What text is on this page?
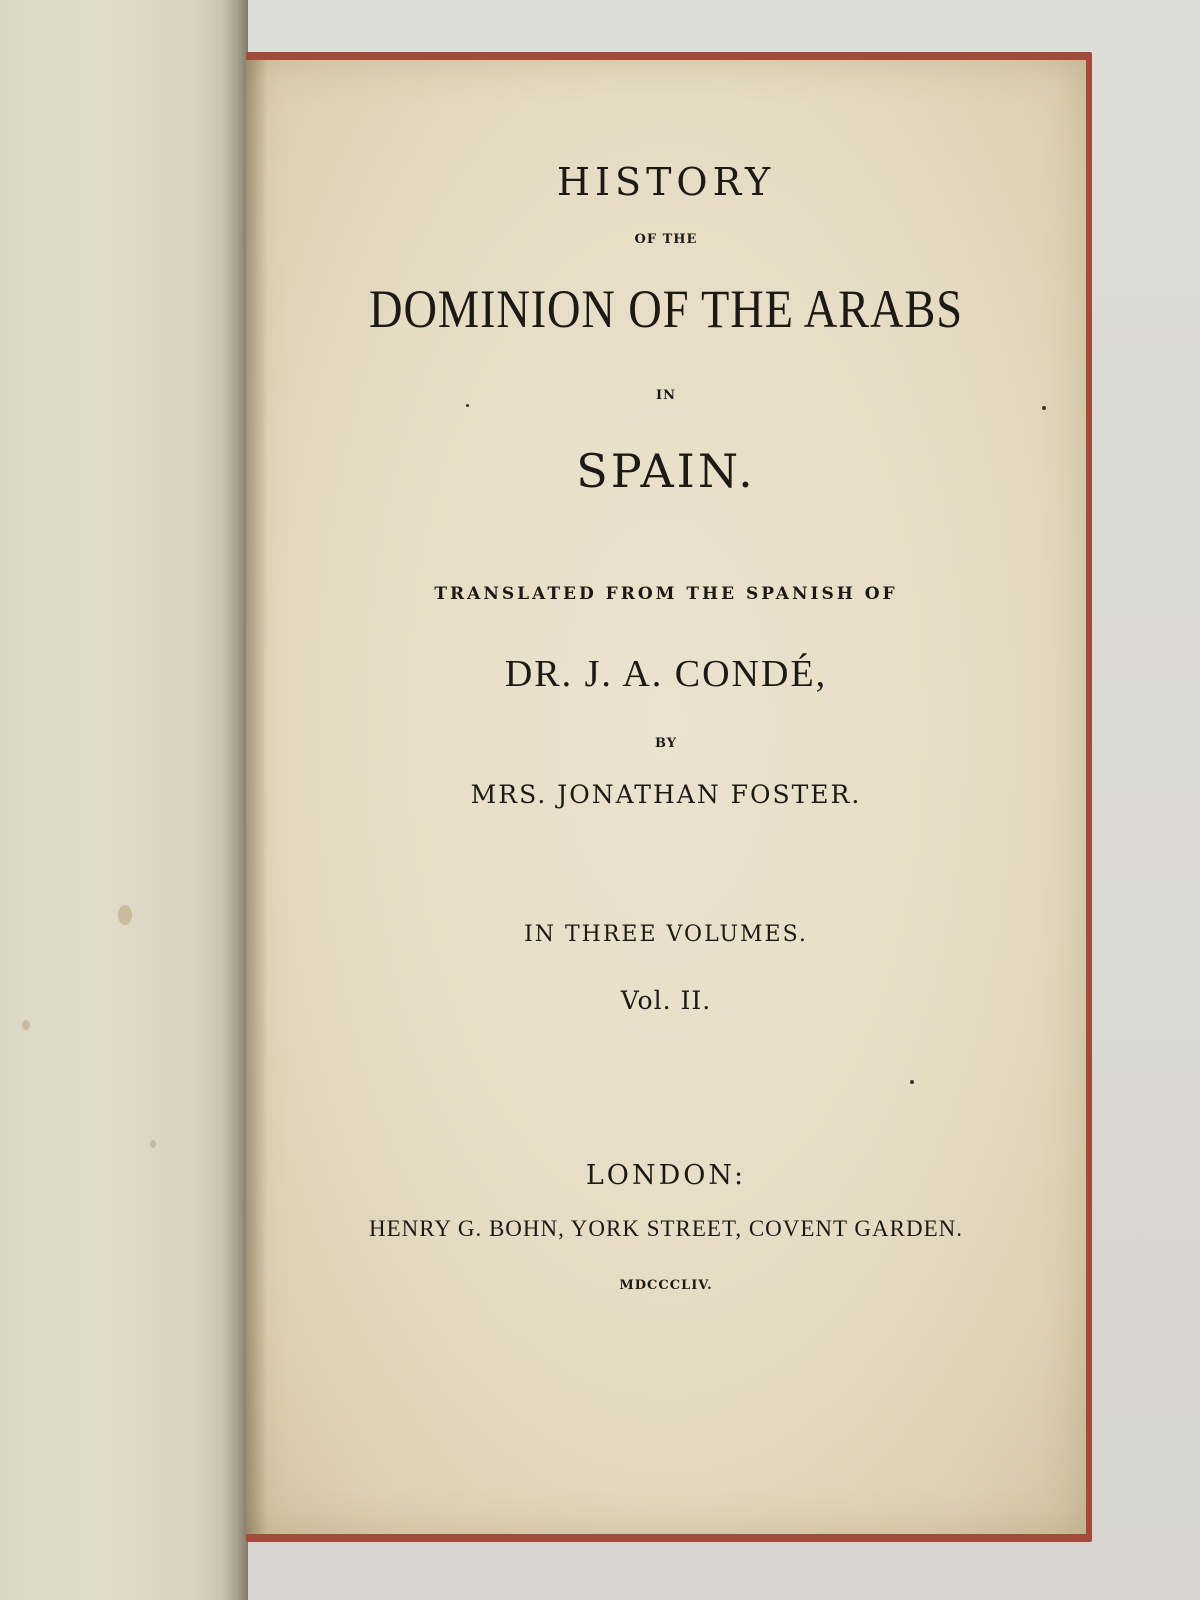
HISTORY
OF THE
DOMINION OF THE ARABS
IN
SPAIN.
TRANSLATED FROM THE SPANISH OF
DR. J. A. CONDÉ,
BY
MRS. JONATHAN FOSTER.
IN THREE VOLUMES.
Vol. II.
LONDON:
HENRY G. BOHN, YORK STREET, COVENT GARDEN.
MDCCCLIV.
